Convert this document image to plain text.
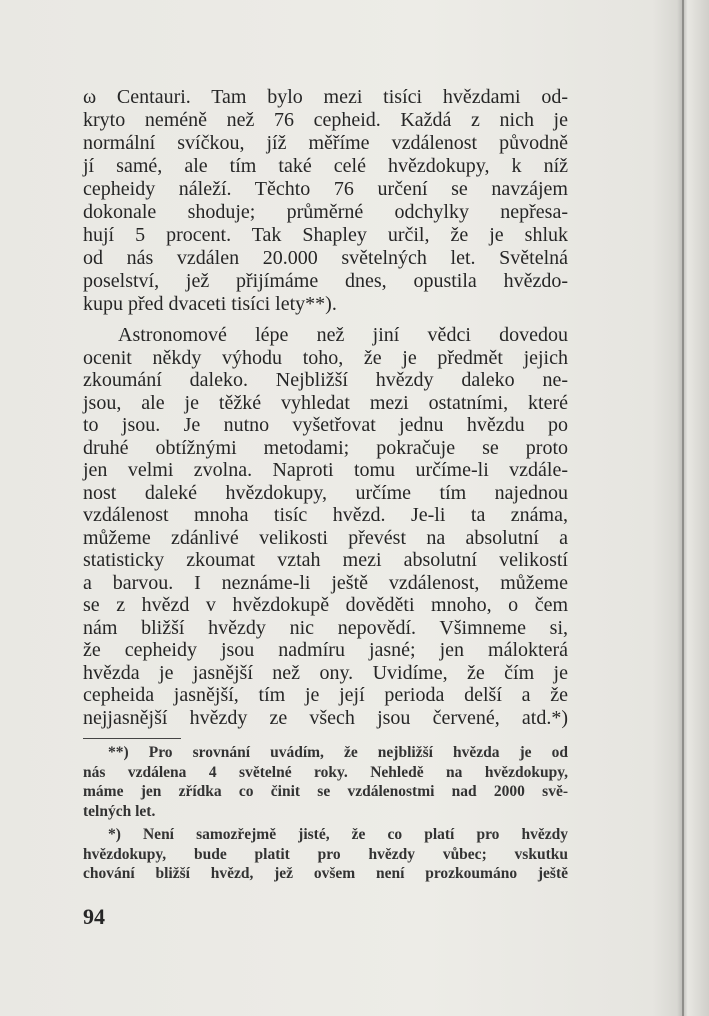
ω Centauri. Tam bylo mezi tisíci hvězdami od-
kryto neméně než 76 cepheid. Každá z nich je
normální svíčkou, jíž měříme vzdálenost původně
jí samé, ale tím také celé hvězdokupy, k níž
cepheidy náleží. Těchto 76 určení se navzájem
dokonale shoduje; průměrné odchylky nepřesa-
hují 5 procent. Tak Shapley určil, že je shluk
od nás vzdálen 20.000 světelných let. Světelná
poselství, jež přijímáme dnes, opustila hvězdo-
kupu před dvaceti tisíci lety**).
Astronomové lépe než jiní vědci dovedou
ocenit někdy výhodu toho, že je předmět jejich
zkoumání daleko. Nejbližší hvězdy daleko ne-
jsou, ale je těžké vyhledat mezi ostatními, které
to jsou. Je nutno vyšetřovat jednu hvězdu po
druhé obtížnými metodami; pokračuje se proto
jen velmi zvolna. Naproti tomu určíme-li vzdále-
nost daleké hvězdokupy, určíme tím najednou
vzdálenost mnoha tisíc hvězd. Je-li ta známa,
můžeme zdánlivé velikosti převést na absolutní a
statisticky zkoumat vztah mezi absolutní velikostí
a barvou. I neznáme-li ještě vzdálenost, můžeme
se z hvězd v hvězdokupě dověděti mnoho, o čem
nám bližší hvězdy nic nepovědí. Všimneme si,
že cepheidy jsou nadmíru jasné; jen málokterá
hvězda je jasnější než ony. Uvidíme, že čím je
cepheida jasnější, tím je její perioda delší a že
nejjasnější hvězdy ze všech jsou červené, atd.*)
**) Pro srovnání uvádím, že nejbližší hvězda je od
nás vzdálena 4 světelné roky. Nehledě na hvězdokupy,
máme jen zřídka co činit se vzdálenostmi nad 2000 svě-
telných let.
*) Není samozřejmě jisté, že co platí pro hvězdy
hvězdokupy, bude platit pro hvězdy vůbec; vskutku
chování bližší hvězd, jež ovšem není prozkoumáno ještě
94
